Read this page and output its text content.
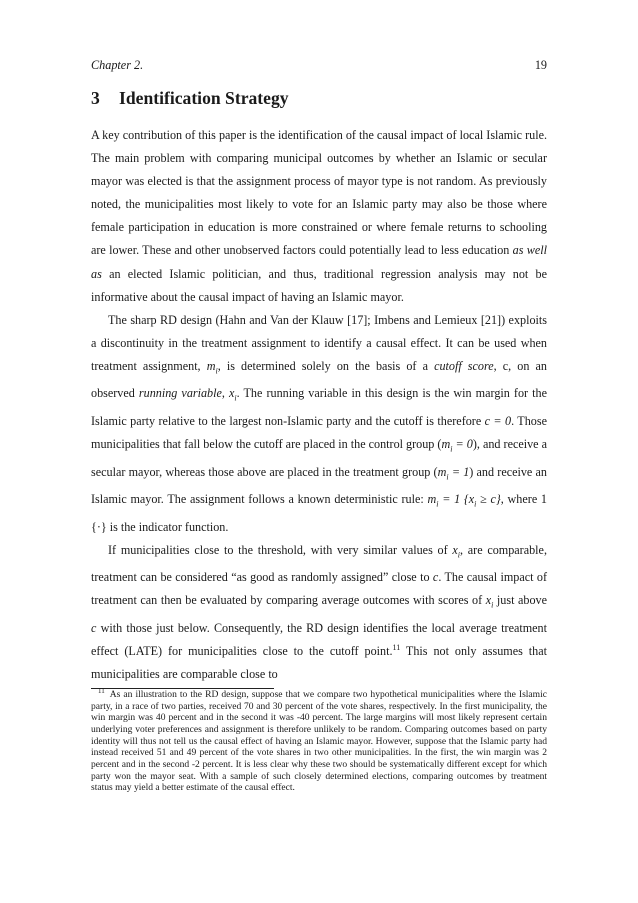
Chapter 2.	19
3 Identification Strategy

A key contribution of this paper is the identification of the causal impact of local Islamic rule. The main problem with comparing municipal outcomes by whether an Islamic or secular mayor was elected is that the assignment process of mayor type is not random. As previously noted, the municipalities most likely to vote for an Islamic party may also be those where female participation in education is more constrained or where female returns to schooling are lower. These and other unobserved factors could potentially lead to less education as well as an elected Islamic politician, and thus, traditional regression analysis may not be informative about the causal impact of having an Islamic mayor.

The sharp RD design (Hahn and Van der Klauw [17]; Imbens and Lemieux [21]) exploits a discontinuity in the treatment assignment to identify a causal effect. It can be used when treatment assignment, $m_i$, is determined solely on the basis of a cutoff score, c, on an observed running variable, $x_i$. The running variable in this design is the win margin for the Islamic party relative to the largest non-Islamic party and the cutoff is therefore c = 0. Those municipalities that fall below the cutoff are placed in the control group $(m_i = 0)$, and receive a secular mayor, whereas those above are placed in the treatment group $(m_i = 1)$ and receive an Islamic mayor. The assignment follows a known deterministic rule: $m_i = 1$ $\{x_i \ge c\}$, where 1 {·} is the indicator function.

If municipalities close to the threshold, with very similar values of $x_i$, are comparable, treatment can be considered “as good as randomly assigned” close to c. The causal impact of treatment can then be evaluated by comparing average outcomes with scores of $x_i$ just above c with those just below. Consequently, the RD design identifies the local average treatment effect (LATE) for municipalities close to the cutoff point.$^{11}$ This not only assumes that municipalities are comparable close to

$^{11}$ As an illustration to the RD design, suppose that we compare two hypothetical municipalities where the Islamic party, in a race of two parties, received 70 and 30 percent of the vote shares, respectively. In the first municipality, the win margin was 40 percent and in the second it was -40 percent. The large margins will most likely represent certain underlying voter preferences and assignment is therefore unlikely to be random. Comparing outcomes based on party identity will thus not tell us the causal effect of having an Islamic mayor. However, suppose that the Islamic party had instead received 51 and 49 percent of the vote shares in two other municipalities. In the first, the win margin was 2 percent and in the second -2 percent. It is less clear why these two should be systematically different except for which party won the mayor seat. With a sample of such closely determined elections, comparing outcomes by treatment status may yield a better estimate of the causal effect.
